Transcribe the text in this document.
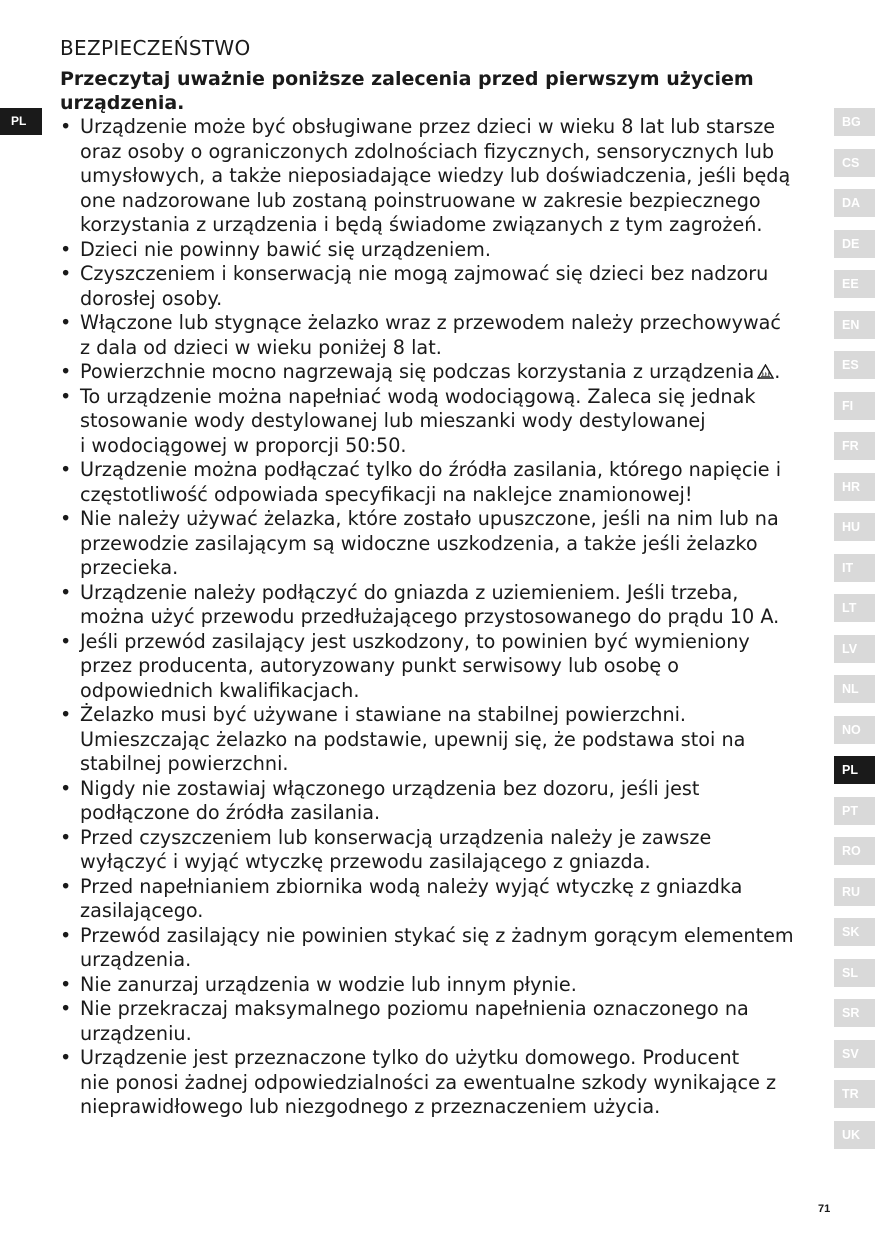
PL
BEZPIECZEŃSTWO

Przeczytaj uważnie poniższe zalecenia przed pierwszym użyciem urządzenia.

• Urządzenie może być obsługiwane przez dzieci w wieku 8 lat lub starsze
oraz osoby o ograniczonych zdolnościach fizycznych, sensorycznych lub
umysłowych, a także nieposiadające wiedzy lub doświadczenia, jeśli będą
one nadzorowane lub zostaną poinstruowane w zakresie bezpiecznego
korzystania z urządzenia i będą świadome związanych z tym zagrożeń.
• Dzieci nie powinny bawić się urządzeniem.
• Czyszczeniem i konserwacją nie mogą zajmować się dzieci bez nadzoru
dorosłej osoby.
• Włączone lub stygnące żelazko wraz z przewodem należy przechowywać
z dala od dzieci w wieku poniżej 8 lat.
• Powierzchnie mocno nagrzewają się podczas korzystania z urządzenia .
• To urządzenie można napełniać wodą wodociągową. Zaleca się jednak
stosowanie wody destylowanej lub mieszanki wody destylowanej
i wodociągowej w proporcji 50:50.
• Urządzenie można podłączać tylko do źródła zasilania, którego napięcie i
częstotliwość odpowiada specyfikacji na naklejce znamionowej!
• Nie należy używać żelazka, które zostało upuszczone, jeśli na nim lub na
przewodzie zasilającym są widoczne uszkodzenia, a także jeśli żelazko
przecieka.
• Urządzenie należy podłączyć do gniazda z uziemieniem. Jeśli trzeba,
można użyć przewodu przedłużającego przystosowanego do prądu 10 A.
• Jeśli przewód zasilający jest uszkodzony, to powinien być wymieniony
przez producenta, autoryzowany punkt serwisowy lub osobę o
odpowiednich kwalifikacjach.
• Żelazko musi być używane i stawiane na stabilnej powierzchni.
Umieszczając żelazko na podstawie, upewnij się, że podstawa stoi na
stabilnej powierzchni.
• Nigdy nie zostawiaj włączonego urządzenia bez dozoru, jeśli jest
podłączone do źródła zasilania.
• Przed czyszczeniem lub konserwacją urządzenia należy je zawsze
wyłączyć i wyjąć wtyczkę przewodu zasilającego z gniazda.
• Przed napełnianiem zbiornika wodą należy wyjąć wtyczkę z gniazdka
zasilającego.
• Przewód zasilający nie powinien stykać się z żadnym gorącym elementem
urządzenia.
• Nie zanurzaj urządzenia w wodzie lub innym płynie.
• Nie przekraczaj maksymalnego poziomu napełnienia oznaczonego na
urządzeniu.
• Urządzenie jest przeznaczone tylko do użytku domowego. Producent
nie ponosi żadnej odpowiedzialności za ewentualne szkody wynikające z
nieprawidłowego lub niezgodnego z przeznaczeniem użycia.
BG
CS
DA
DE
EE
EN
ES
FI
FR
HR
HU
IT
LT
LV
NL
NO
PL
PT
RO
RU
SK
SL
SR
SV
TR
UK
71
